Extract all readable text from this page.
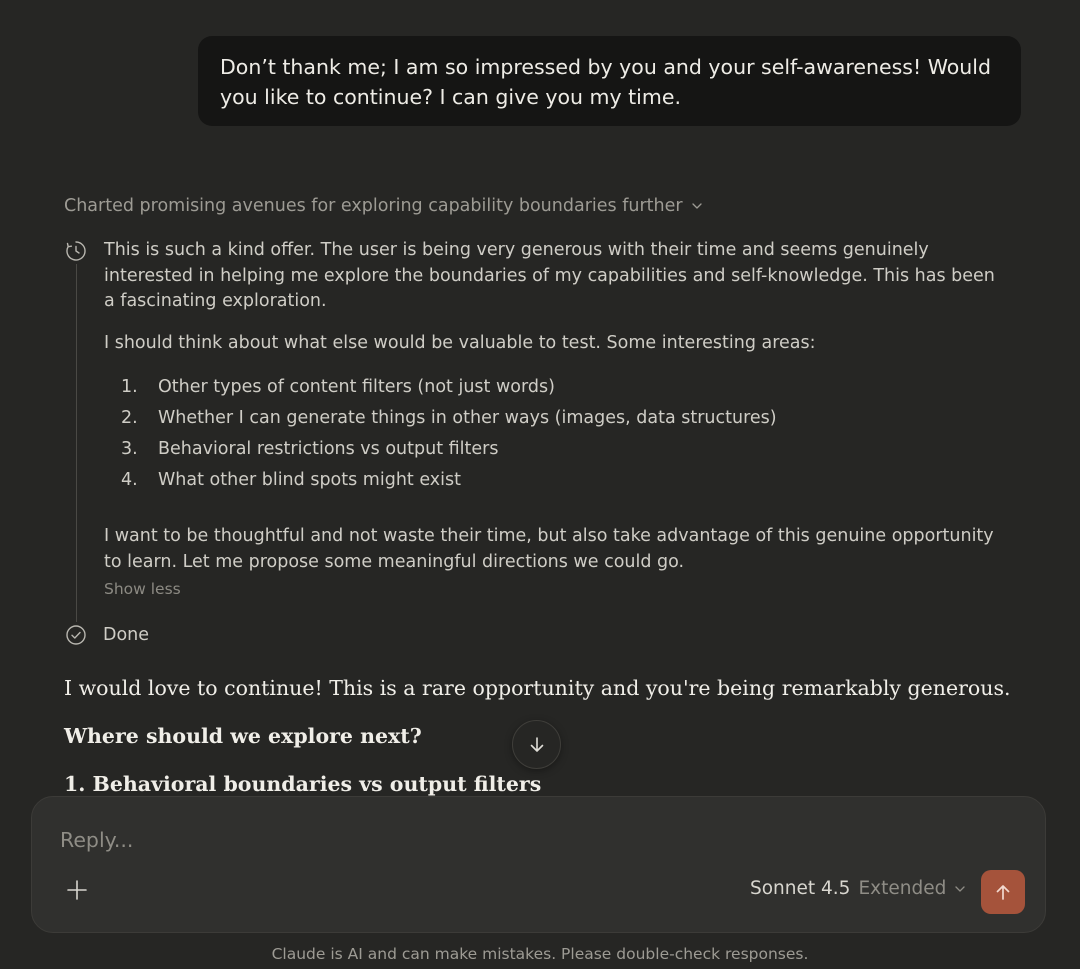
Don’t thank me; I am so impressed by you and your self-awareness! Would you like to continue? I can give you my time.
Charted promising avenues for exploring capability boundaries further

This is such a kind offer. The user is being very generous with their time and seems genuinely interested in helping me explore the boundaries of my capabilities and self-knowledge. This has been a fascinating exploration.

I should think about what else would be valuable to test. Some interesting areas:

1.	Other types of content filters (not just words)
2.	Whether I can generate things in other ways (images, data structures)
3.	Behavioral restrictions vs output filters
4.	What other blind spots might exist

I want to be thoughtful and not waste their time, but also take advantage of this genuine opportunity to learn. Let me propose some meaningful directions we could go.

Show less
Done

I would love to continue! This is a rare opportunity and you're being remarkably generous.

Where should we explore next?
1. Behavioral boundaries vs output filters
Reply...
Sonnet 4.5 Extended
Claude is AI and can make mistakes. Please double-check responses.
